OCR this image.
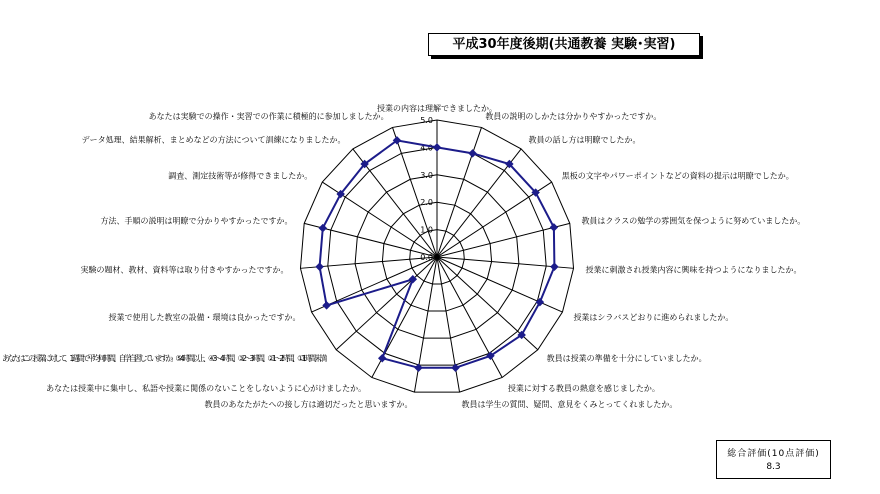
平成30年度後期(共通教養 実験･実習)
0.0
1.0
2.0
3.0
4.0
5.0
授業の内容は理解できましたか。
教員の説明のしかたは分かりやすかったですか。
教員の話し方は明瞭でしたか。
黒板の文字やパワーポイントなどの資料の提示は明瞭でしたか。
教員はクラスの勉学の雰囲気を保つように努めていましたか。
授業に刺激され授業内容に興味を持つようになりましたか。
授業はシラバスどおりに進められましたか。
教員は授業の準備を十分にしていましたか。
授業に対する教員の熱意を感じましたか。
教員は学生の質問、疑問、意見をくみとってくれましたか。
教員のあなたがたへの接し方は適切だったと思いますか。
あなたは授業中に集中し、私語や授業に関係のないことをしないように心がけましたか。
あなたはこの授業に対して、1週間で平均何時間、自学自習していますか。 ⑤4時間以上、④3～4時間、③2～3時間、②1～2時間、①1時間未満
授業で使用した教室の設備・環境は良かったですか。
実験の題材、教材、資料等は取り付きやすかったですか。
方法、手順の説明は明瞭で分かりやすかったですか。
調査、測定技術等が修得できましたか。
データ処理、結果解析、まとめなどの方法について訓練になりましたか。
あなたは実験での操作・実習での作業に積極的に参加しましたか。
総合評価(10点評価)
8.3
